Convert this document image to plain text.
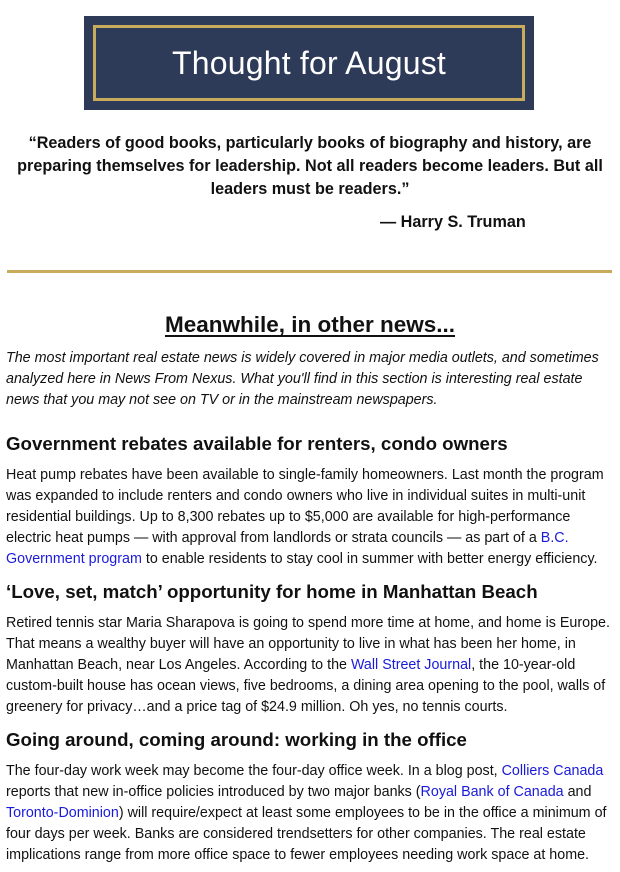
Thought for August
“Readers of good books, particularly books of biography and history, are preparing themselves for leadership. Not all readers become leaders. But all leaders must be readers.”
— Harry S. Truman
Meanwhile, in other news...
The most important real estate news is widely covered in major media outlets, and sometimes analyzed here in News From Nexus. What you'll find in this section is interesting real estate news that you may not see on TV or in the mainstream newspapers.
Government rebates available for renters, condo owners

Heat pump rebates have been available to single-family homeowners. Last month the program was expanded to include renters and condo owners who live in individual suites in multi-unit residential buildings. Up to 8,300 rebates up to $5,000 are available for high-performance electric heat pumps — with approval from landlords or strata councils — as part of a B.C. Government program to enable residents to stay cool in summer with better energy efficiency.

‘Love, set, match’ opportunity for home in Manhattan Beach

Retired tennis star Maria Sharapova is going to spend more time at home, and home is Europe. That means a wealthy buyer will have an opportunity to live in what has been her home, in Manhattan Beach, near Los Angeles. According to the Wall Street Journal, the 10-year-old custom-built house has ocean views, five bedrooms, a dining area opening to the pool, walls of greenery for privacy…and a price tag of $24.9 million. Oh yes, no tennis courts.

Going around, coming around: working in the office

The four-day work week may become the four-day office week. In a blog post, Colliers Canada reports that new in-office policies introduced by two major banks (Royal Bank of Canada and Toronto-Dominion) will require/expect at least some employees to be in the office a minimum of four days per week. Banks are considered trendsetters for other companies. The real estate implications range from more office space to fewer employees needing work space at home.
